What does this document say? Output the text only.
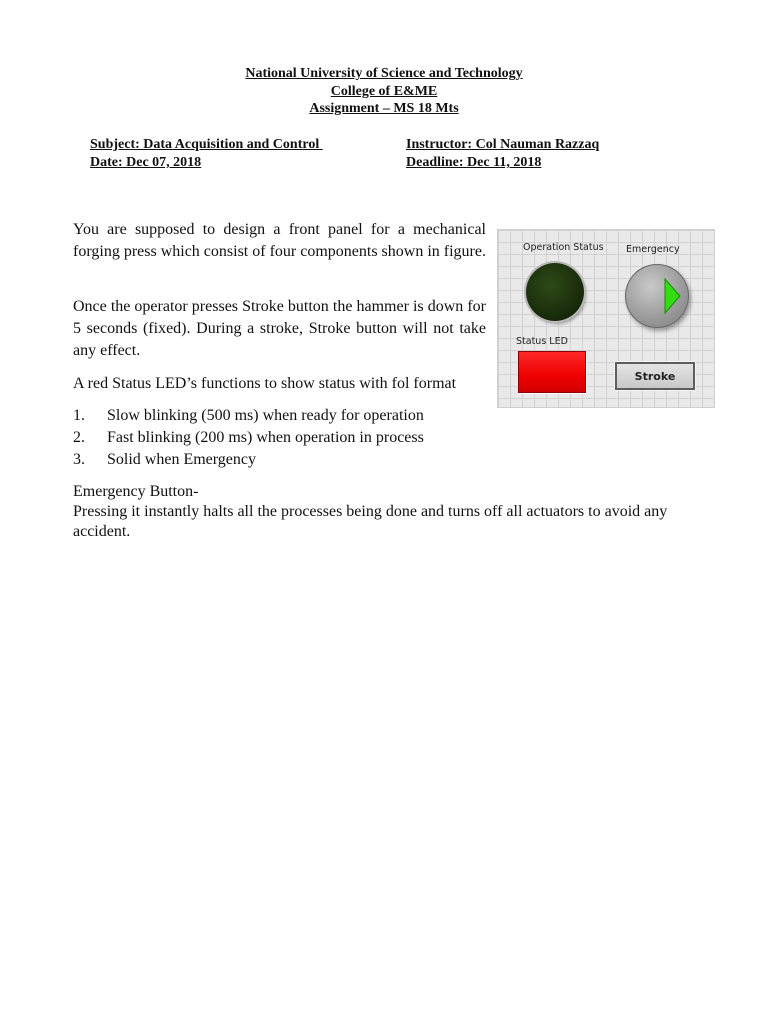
National University of Science and Technology
College of E&ME
Assignment – MS 18 Mts
Subject: Data Acquisition and Control
Date: Dec 07, 2018
Instructor: Col Nauman Razzaq
Deadline: Dec 11, 2018

You are supposed to design a front panel for a mechanical forging press which consist of four components shown in figure.

Once the operator presses Stroke button the hammer is down for 5 seconds (fixed). During a stroke, Stroke button will not take any effect.

A red Status LED’s functions to show status with fol format

1.	Slow blinking (500 ms) when ready for operation
2.	Fast blinking (200 ms) when operation in process
3.	Solid when Emergency
Emergency Button-

Pressing it instantly halts all the processes being done and turns off all actuators to avoid any accident.

Operation Status Emergency
Status LED
Stroke
